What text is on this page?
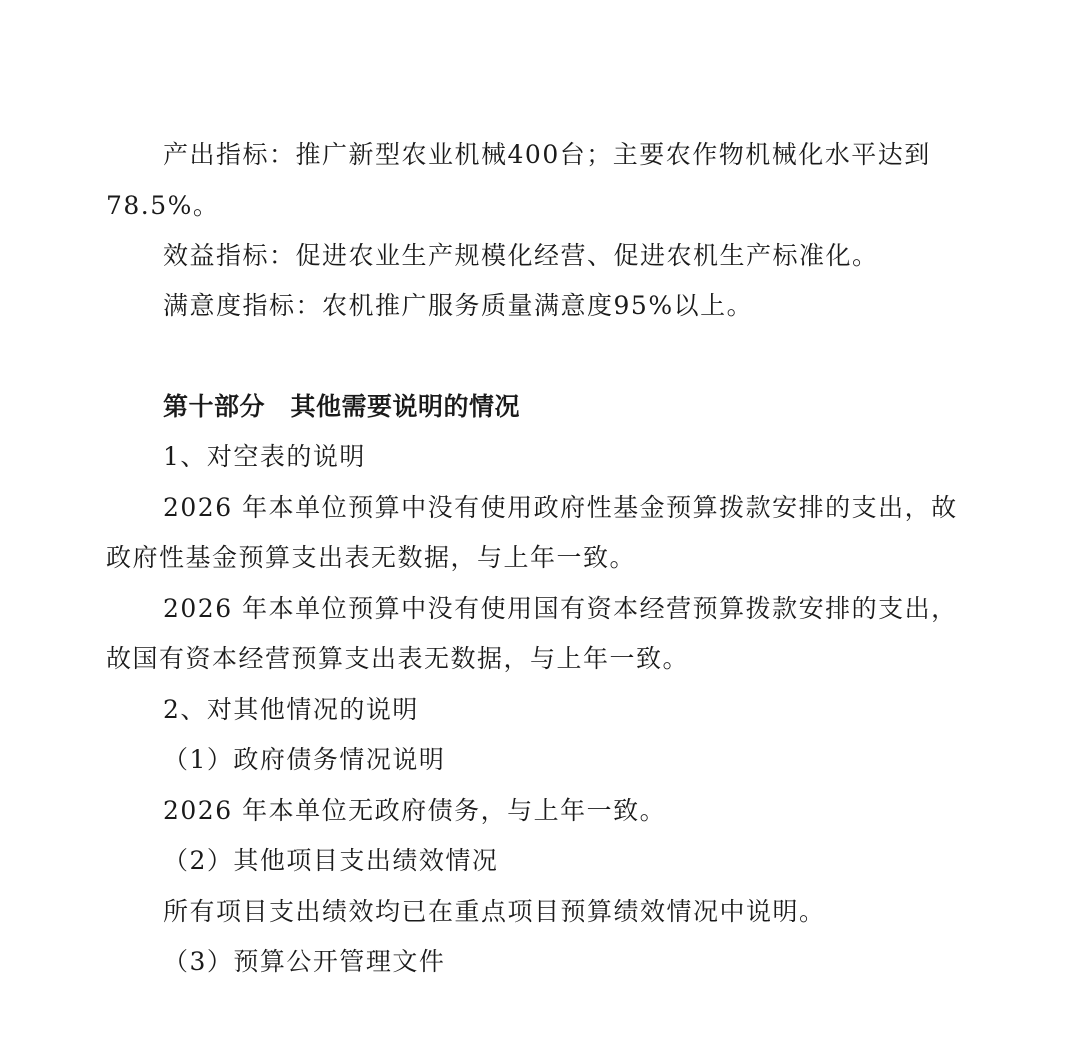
产出指标：推广新型农业机械400台；主要农作物机械化水平达到
78.5%。
效益指标：促进农业生产规模化经营、促进农机生产标准化。
满意度指标：农机推广服务质量满意度95%以上。
第十部分　其他需要说明的情况
1、对空表的说明
2026 年本单位预算中没有使用政府性基金预算拨款安排的支出，故
政府性基金预算支出表无数据，与上年一致。
2026 年本单位预算中没有使用国有资本经营预算拨款安排的支出，
故国有资本经营预算支出表无数据，与上年一致。
2、对其他情况的说明
（1）政府债务情况说明
2026 年本单位无政府债务，与上年一致。
（2）其他项目支出绩效情况
所有项目支出绩效均已在重点项目预算绩效情况中说明。
（3）预算公开管理文件
